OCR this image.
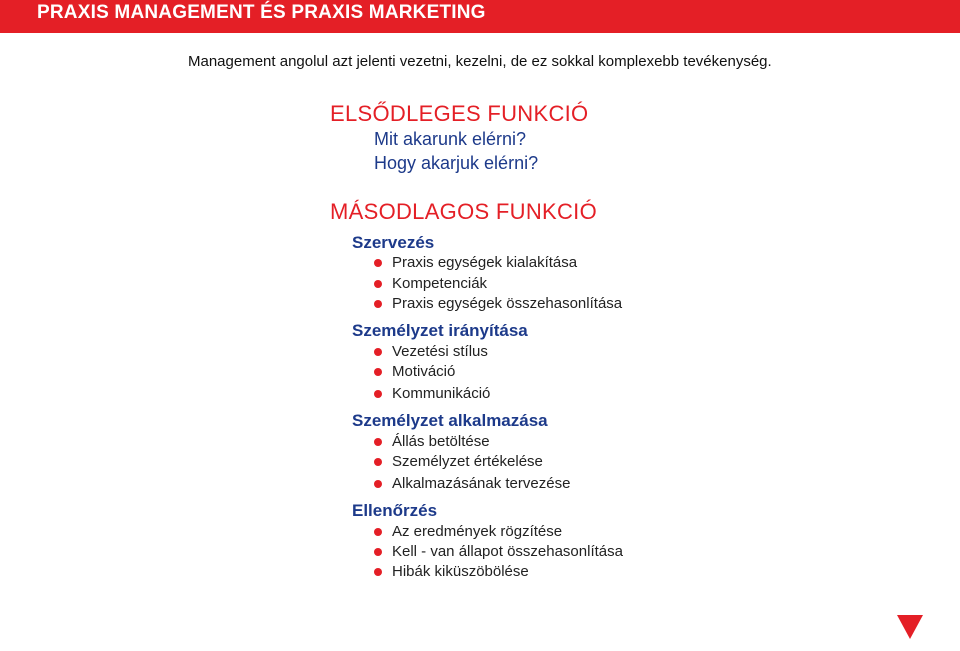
PRAXIS MANAGEMENT ÉS PRAXIS MARKETING
Management angolul azt jelenti vezetni, kezelni, de ez sokkal komplexebb tevékenység.
ELSŐDLEGES FUNKCIÓ
Mit akarunk elérni?
Hogy akarjuk elérni?
MÁSODLAGOS FUNKCIÓ
Szervezés
Praxis egységek kialakítása
Kompetenciák
Praxis egységek összehasonlítása
Személyzet irányítása
Vezetési stílus
Motiváció
Kommunikáció
Személyzet alkalmazása
Állás betöltése
Személyzet értékelése
Alkalmazásának tervezése
Ellenőrzés
Az eredmények rögzítése
Kell - van állapot összehasonlítása
Hibák kiküszöbölése
